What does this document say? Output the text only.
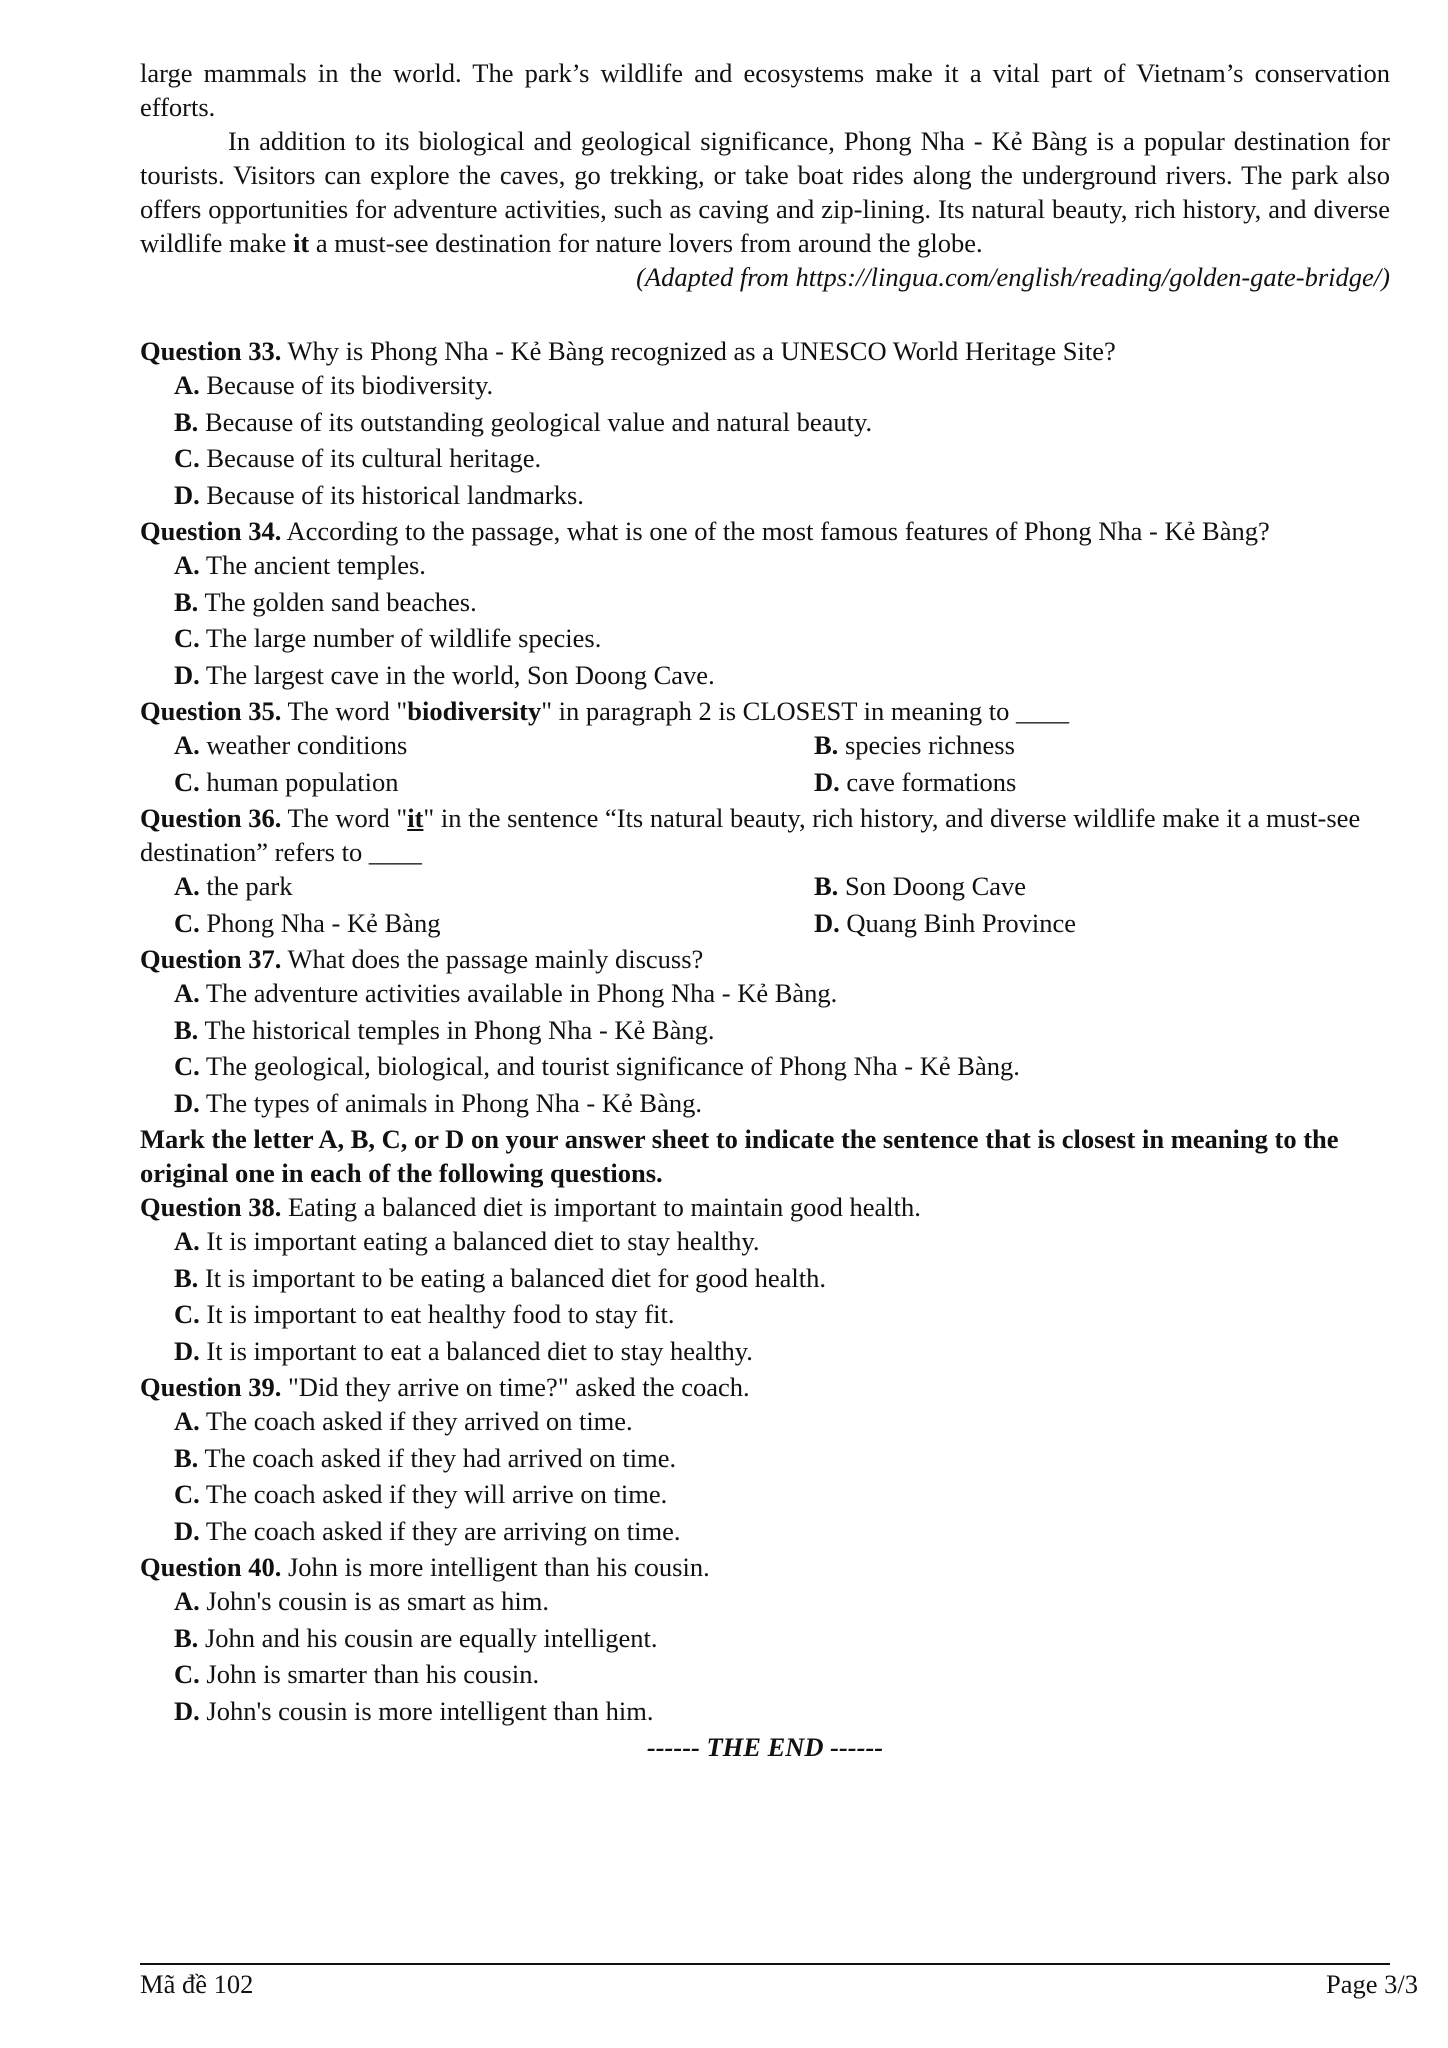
large mammals in the world. The park’s wildlife and ecosystems make it a vital part of Vietnam’s conservation efforts.

In addition to its biological and geological significance, Phong Nha - Kẻ Bàng is a popular destination for tourists. Visitors can explore the caves, go trekking, or take boat rides along the underground rivers. The park also offers opportunities for adventure activities, such as caving and zip-lining. Its natural beauty, rich history, and diverse wildlife make it a must-see destination for nature lovers from around the globe.

(Adapted from https://lingua.com/english/reading/golden-gate-bridge/)

Question 33. Why is Phong Nha - Kẻ Bàng recognized as a UNESCO World Heritage Site?

A. Because of its biodiversity.

B. Because of its outstanding geological value and natural beauty.

C. Because of its cultural heritage.

D. Because of its historical landmarks.

Question 34. According to the passage, what is one of the most famous features of Phong Nha - Kẻ Bàng?

A. The ancient temples.

B. The golden sand beaches.

C. The large number of wildlife species.

D. The largest cave in the world, Son Doong Cave.

Question 35. The word "biodiversity" in paragraph 2 is CLOSEST in meaning to ____

A. weather conditions	B. species richness

C. human population	D. cave formations

Question 36. The word "it" in the sentence “Its natural beauty, rich history, and diverse wildlife make it a must-see destination” refers to ____

A. the park	B. Son Doong Cave

C. Phong Nha - Kẻ Bàng	D. Quang Binh Province

Question 37. What does the passage mainly discuss?

A. The adventure activities available in Phong Nha - Kẻ Bàng.

B. The historical temples in Phong Nha - Kẻ Bàng.

C. The geological, biological, and tourist significance of Phong Nha - Kẻ Bàng.

D. The types of animals in Phong Nha - Kẻ Bàng.

Mark the letter A, B, C, or D on your answer sheet to indicate the sentence that is closest in meaning to the original one in each of the following questions.

Question 38. Eating a balanced diet is important to maintain good health.

A. It is important eating a balanced diet to stay healthy.

B. It is important to be eating a balanced diet for good health.

C. It is important to eat healthy food to stay fit.

D. It is important to eat a balanced diet to stay healthy.

Question 39. "Did they arrive on time?" asked the coach.

A. The coach asked if they arrived on time.

B. The coach asked if they had arrived on time.

C. The coach asked if they will arrive on time.

D. The coach asked if they are arriving on time.

Question 40. John is more intelligent than his cousin.

A. John's cousin is as smart as him.

B. John and his cousin are equally intelligent.

C. John is smarter than his cousin.

D. John's cousin is more intelligent than him.

------ THE END ------

Mã đề 102	Page 3/3
